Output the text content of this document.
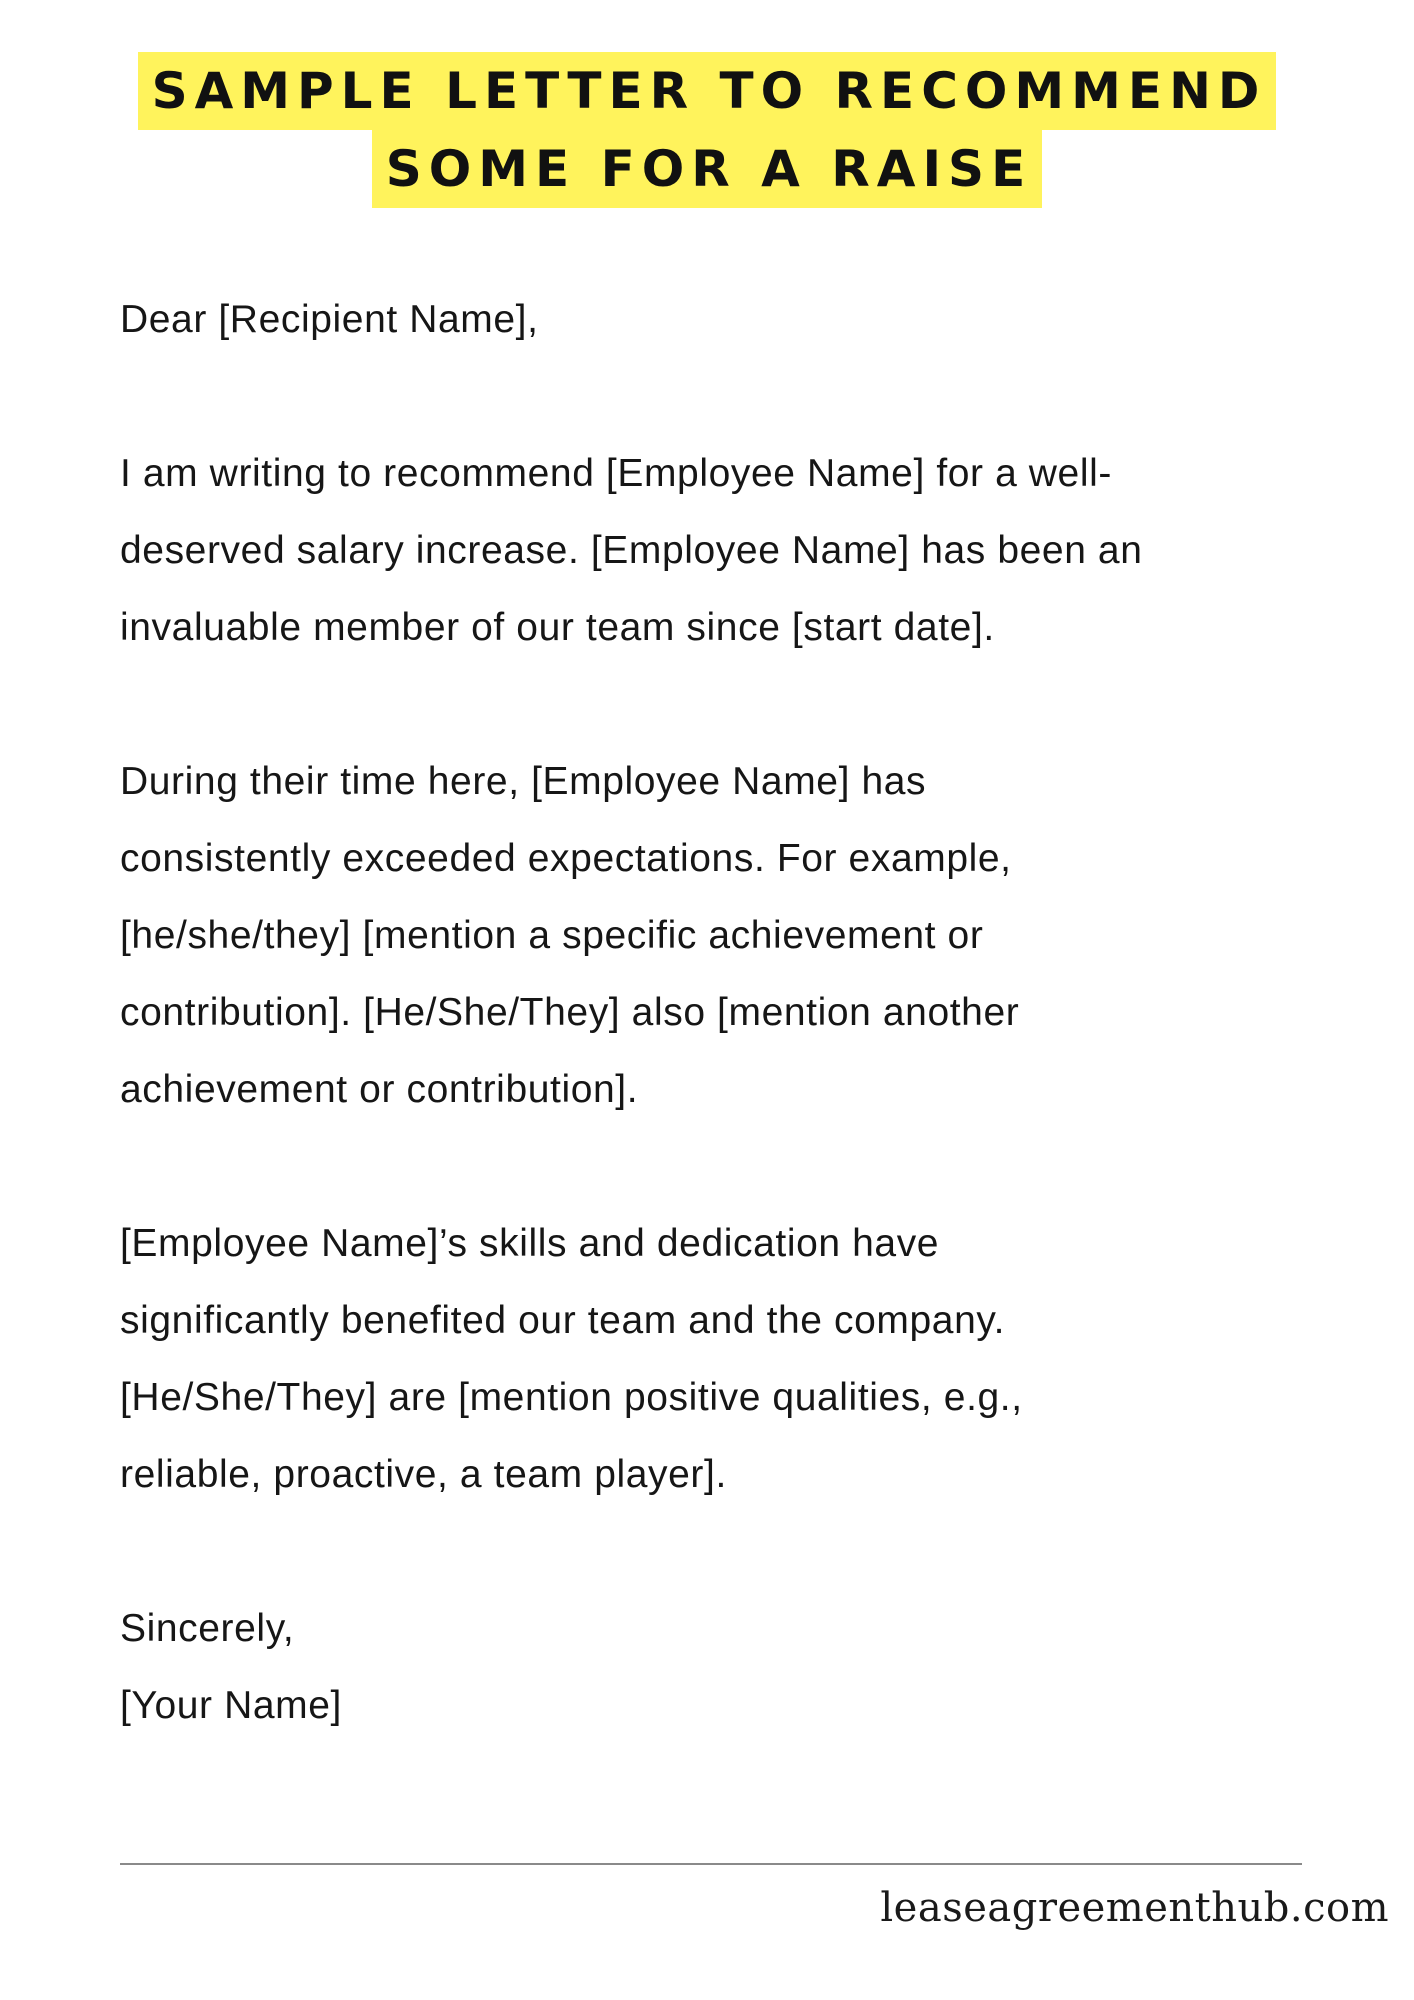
SAMPLE LETTER TO RECOMMEND
SOME FOR A RAISE

Dear [Recipient Name],

I am writing to recommend [Employee Name] for a well-

deserved salary increase. [Employee Name] has been an

invaluable member of our team since [start date].

During their time here, [Employee Name] has

consistently exceeded expectations. For example,

[he/she/they] [mention a specific achievement or

contribution]. [He/She/They] also [mention another

achievement or contribution].

[Employee Name]’s skills and dedication have

significantly benefited our team and the company.

[He/She/They] are [mention positive qualities, e.g.,

reliable, proactive, a team player].

Sincerely,

[Your Name]

leaseagreementhub.com
